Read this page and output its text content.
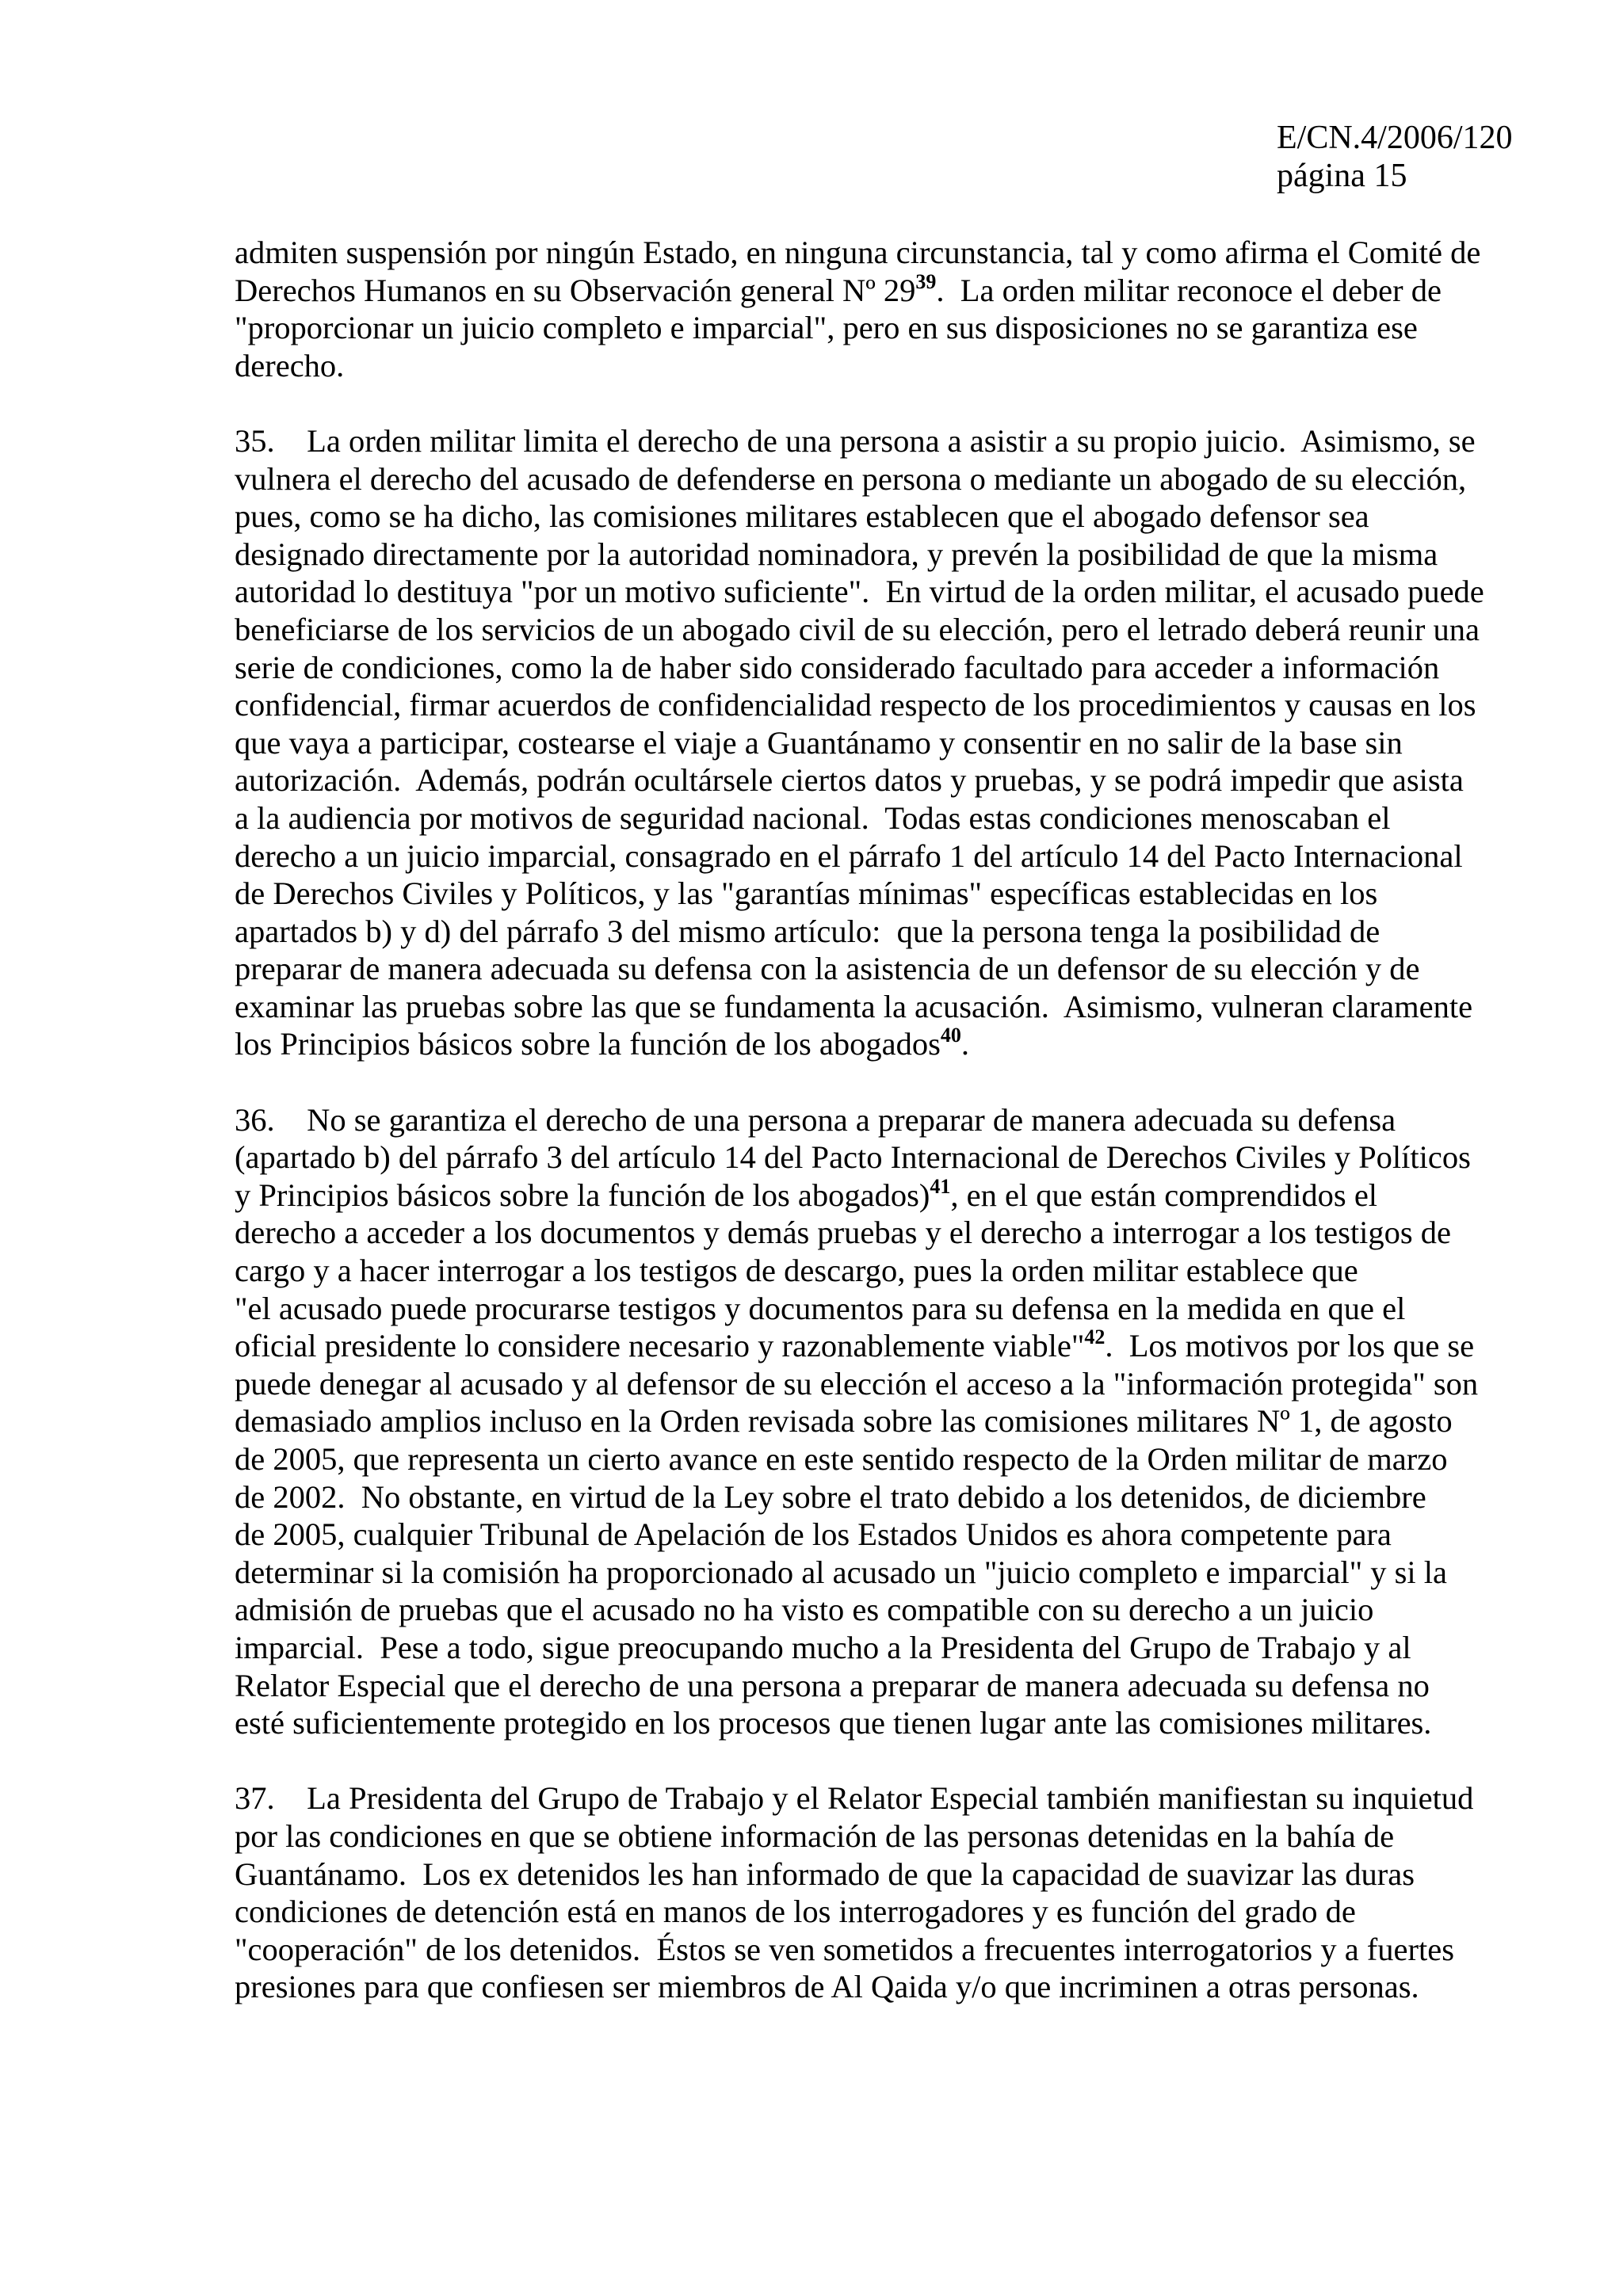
E/CN.4/2006/120
página 15
admiten suspensión por ningún Estado, en ninguna circunstancia, tal y como afirma el Comité de
Derechos Humanos en su Observación general Nº 29$^{39}$.  La orden militar reconoce el deber de
"proporcionar un juicio completo e imparcial", pero en sus disposiciones no se garantiza ese
derecho.
35.    La orden militar limita el derecho de una persona a asistir a su propio juicio.  Asimismo, se
vulnera el derecho del acusado de defenderse en persona o mediante un abogado de su elección,
pues, como se ha dicho, las comisiones militares establecen que el abogado defensor sea
designado directamente por la autoridad nominadora, y prevén la posibilidad de que la misma
autoridad lo destituya "por un motivo suficiente".  En virtud de la orden militar, el acusado puede
beneficiarse de los servicios de un abogado civil de su elección, pero el letrado deberá reunir una
serie de condiciones, como la de haber sido considerado facultado para acceder a información
confidencial, firmar acuerdos de confidencialidad respecto de los procedimientos y causas en los
que vaya a participar, costearse el viaje a Guantánamo y consentir en no salir de la base sin
autorización.  Además, podrán ocultársele ciertos datos y pruebas, y se podrá impedir que asista
a la audiencia por motivos de seguridad nacional.  Todas estas condiciones menoscaban el
derecho a un juicio imparcial, consagrado en el párrafo 1 del artículo 14 del Pacto Internacional
de Derechos Civiles y Políticos, y las "garantías mínimas" específicas establecidas en los
apartados b) y d) del párrafo 3 del mismo artículo:  que la persona tenga la posibilidad de
preparar de manera adecuada su defensa con la asistencia de un defensor de su elección y de
examinar las pruebas sobre las que se fundamenta la acusación.  Asimismo, vulneran claramente
los Principios básicos sobre la función de los abogados$^{40}$.
36.    No se garantiza el derecho de una persona a preparar de manera adecuada su defensa
(apartado b) del párrafo 3 del artículo 14 del Pacto Internacional de Derechos Civiles y Políticos
y Principios básicos sobre la función de los abogados)$^{41}$, en el que están comprendidos el
derecho a acceder a los documentos y demás pruebas y el derecho a interrogar a los testigos de
cargo y a hacer interrogar a los testigos de descargo, pues la orden militar establece que
"el acusado puede procurarse testigos y documentos para su defensa en la medida en que el
oficial presidente lo considere necesario y razonablemente viable"$^{42}$.  Los motivos por los que se
puede denegar al acusado y al defensor de su elección el acceso a la "información protegida" son
demasiado amplios incluso en la Orden revisada sobre las comisiones militares Nº 1, de agosto
de 2005, que representa un cierto avance en este sentido respecto de la Orden militar de marzo
de 2002.  No obstante, en virtud de la Ley sobre el trato debido a los detenidos, de diciembre
de 2005, cualquier Tribunal de Apelación de los Estados Unidos es ahora competente para
determinar si la comisión ha proporcionado al acusado un "juicio completo e imparcial" y si la
admisión de pruebas que el acusado no ha visto es compatible con su derecho a un juicio
imparcial.  Pese a todo, sigue preocupando mucho a la Presidenta del Grupo de Trabajo y al
Relator Especial que el derecho de una persona a preparar de manera adecuada su defensa no
esté suficientemente protegido en los procesos que tienen lugar ante las comisiones militares.
37.    La Presidenta del Grupo de Trabajo y el Relator Especial también manifiestan su inquietud
por las condiciones en que se obtiene información de las personas detenidas en la bahía de
Guantánamo.  Los ex detenidos les han informado de que la capacidad de suavizar las duras
condiciones de detención está en manos de los interrogadores y es función del grado de
"cooperación" de los detenidos.  Éstos se ven sometidos a frecuentes interrogatorios y a fuertes
presiones para que confiesen ser miembros de Al Qaida y/o que incriminen a otras personas.
